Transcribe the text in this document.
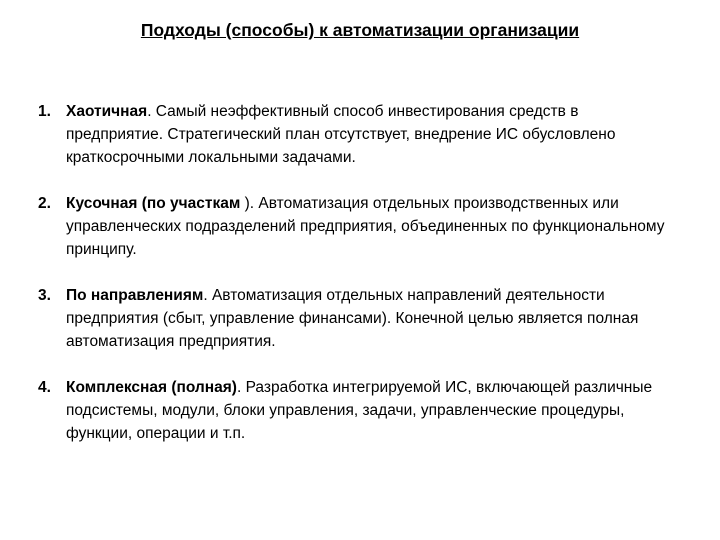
Подходы (способы) к автоматизации организации
1. Хаотичная. Самый неэффективный способ инвестирования средств в предприятие. Стратегический план отсутствует, внедрение ИС обусловлено краткосрочными локальными задачами.
2. Кусочная (по участкам ). Автоматизация отдельных производственных или управленческих подразделений предприятия, объединенных по функциональному принципу.
3. По направлениям. Автоматизация отдельных направлений деятельности предприятия (сбыт, управление финансами). Конечной целью является полная автоматизация предприятия.
4. Комплексная (полная). Разработка интегрируемой ИС, включающей различные подсистемы, модули, блоки управления, задачи, управленческие процедуры, функции, операции и т.п.
